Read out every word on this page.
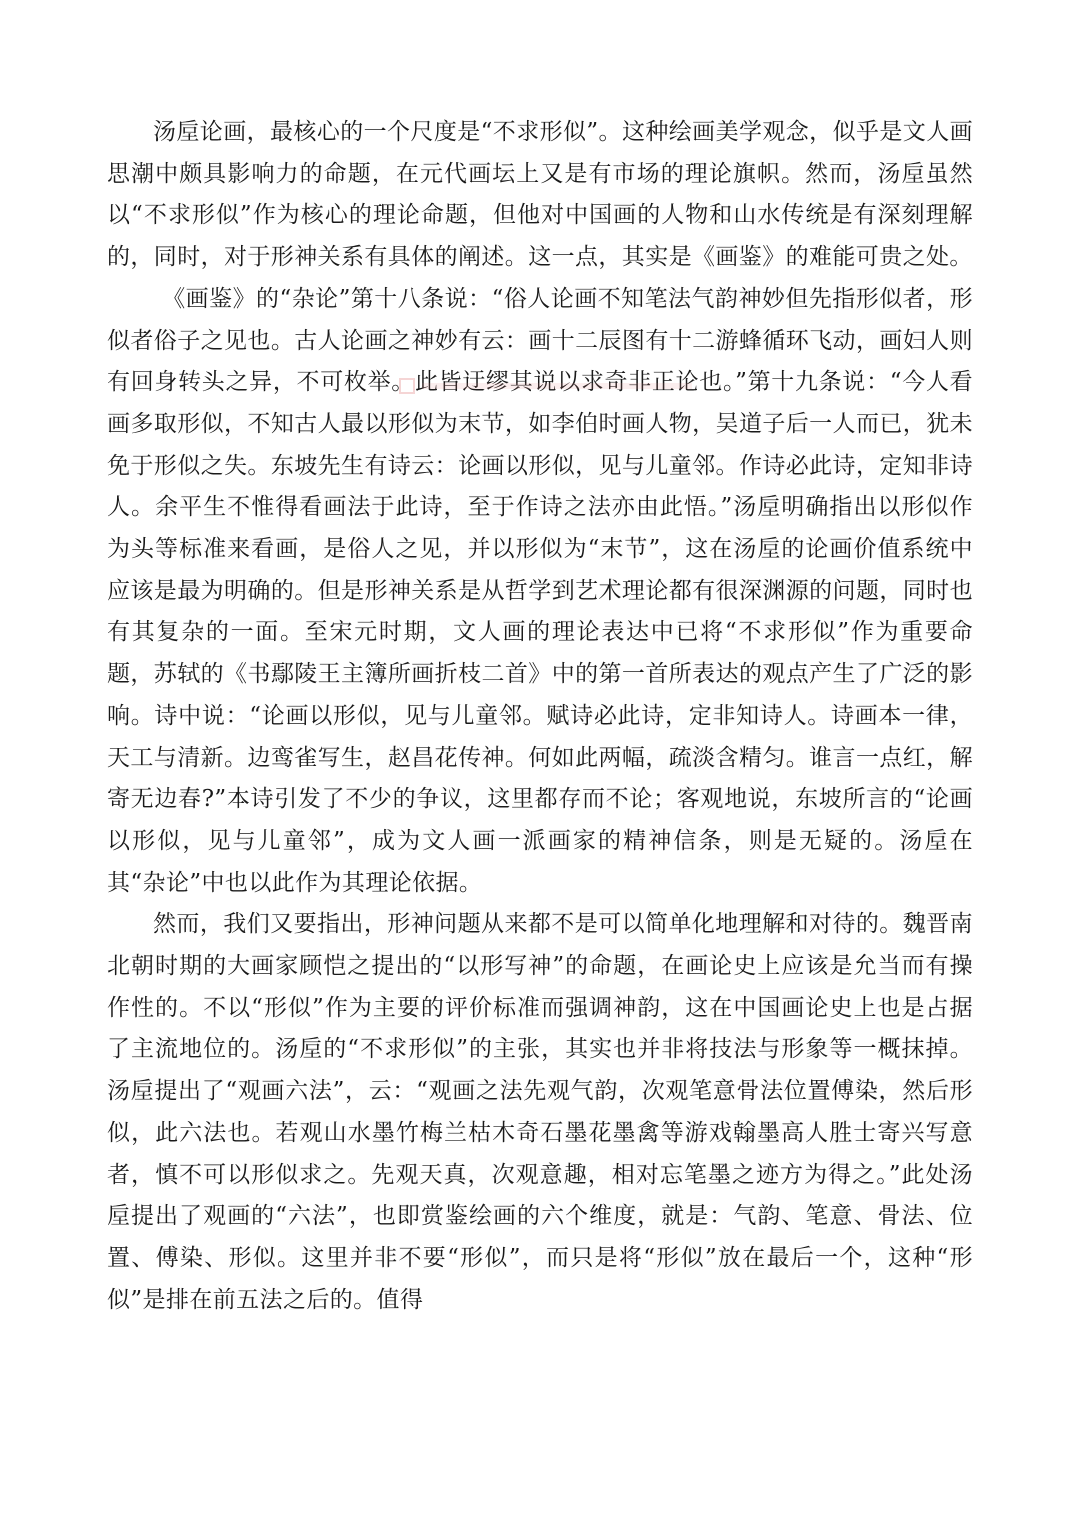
汤垕论画，最核心的一个尺度是“不求形似”。这种绘画美学观念，似乎是文人画思潮中颇具影响力的命题，在元代画坛上又是有市场的理论旗帜。然而，汤垕虽然以“不求形似”作为核心的理论命题，但他对中国画的人物和山水传统是有深刻理解的，同时，对于形神关系有具体的阐述。这一点，其实是《画鉴》的难能可贵之处。

《画鉴》的“杂论”第十八条说：“俗人论画不知笔法气韵神妙但先指形似者，形似者俗子之见也。古人论画之神妙有云：画十二辰图有十二游蜂循环飞动，画妇人则有回身转头之异，不可枚举。此皆迂缪其说以求奇非正论也。”第十九条说：“今人看画多取形似，不知古人最以形似为末节，如李伯时画人物，吴道子后一人而已，犹未免于形似之失。东坡先生有诗云：论画以形似，见与儿童邻。作诗必此诗，定知非诗人。余平生不惟得看画法于此诗，至于作诗之法亦由此悟。”汤垕明确指出以形似作为头等标准来看画，是俗人之见，并以形似为“末节”，这在汤垕的论画价值系统中应该是最为明确的。但是形神关系是从哲学到艺术理论都有很深渊源的问题，同时也有其复杂的一面。至宋元时期，文人画的理论表达中已将“不求形似”作为重要命题，苏轼的《书鄢陵王主簿所画折枝二首》中的第一首所表达的观点产生了广泛的影响。诗中说：“论画以形似，见与儿童邻。赋诗必此诗，定非知诗人。诗画本一律，天工与清新。边鸾雀写生，赵昌花传神。何如此两幅，疏淡含精匀。谁言一点红，解寄无边春?”本诗引发了不少的争议，这里都存而不论；客观地说，东坡所言的“论画以形似，见与儿童邻”，成为文人画一派画家的精神信条，则是无疑的。汤垕在其“杂论”中也以此作为其理论依据。

然而，我们又要指出，形神问题从来都不是可以简单化地理解和对待的。魏晋南北朝时期的大画家顾恺之提出的“以形写神”的命题，在画论史上应该是允当而有操作性的。不以“形似”作为主要的评价标准而强调神韵，这在中国画论史上也是占据了主流地位的。汤垕的“不求形似”的主张，其实也并非将技法与形象等一概抹掉。汤垕提出了“观画六法”，云：“观画之法先观气韵，次观笔意骨法位置傅染，然后形似，此六法也。若观山水墨竹梅兰枯木奇石墨花墨禽等游戏翰墨高人胜士寄兴写意者，慎不可以形似求之。先观天真，次观意趣，相对忘笔墨之迹方为得之。”此处汤垕提出了观画的“六法”，也即赏鉴绘画的六个维度，就是：气韵、笔意、骨法、位置、傅染、形似。这里并非不要“形似”，而只是将“形似”放在最后一个，这种“形似”是排在前五法之后的。值得
